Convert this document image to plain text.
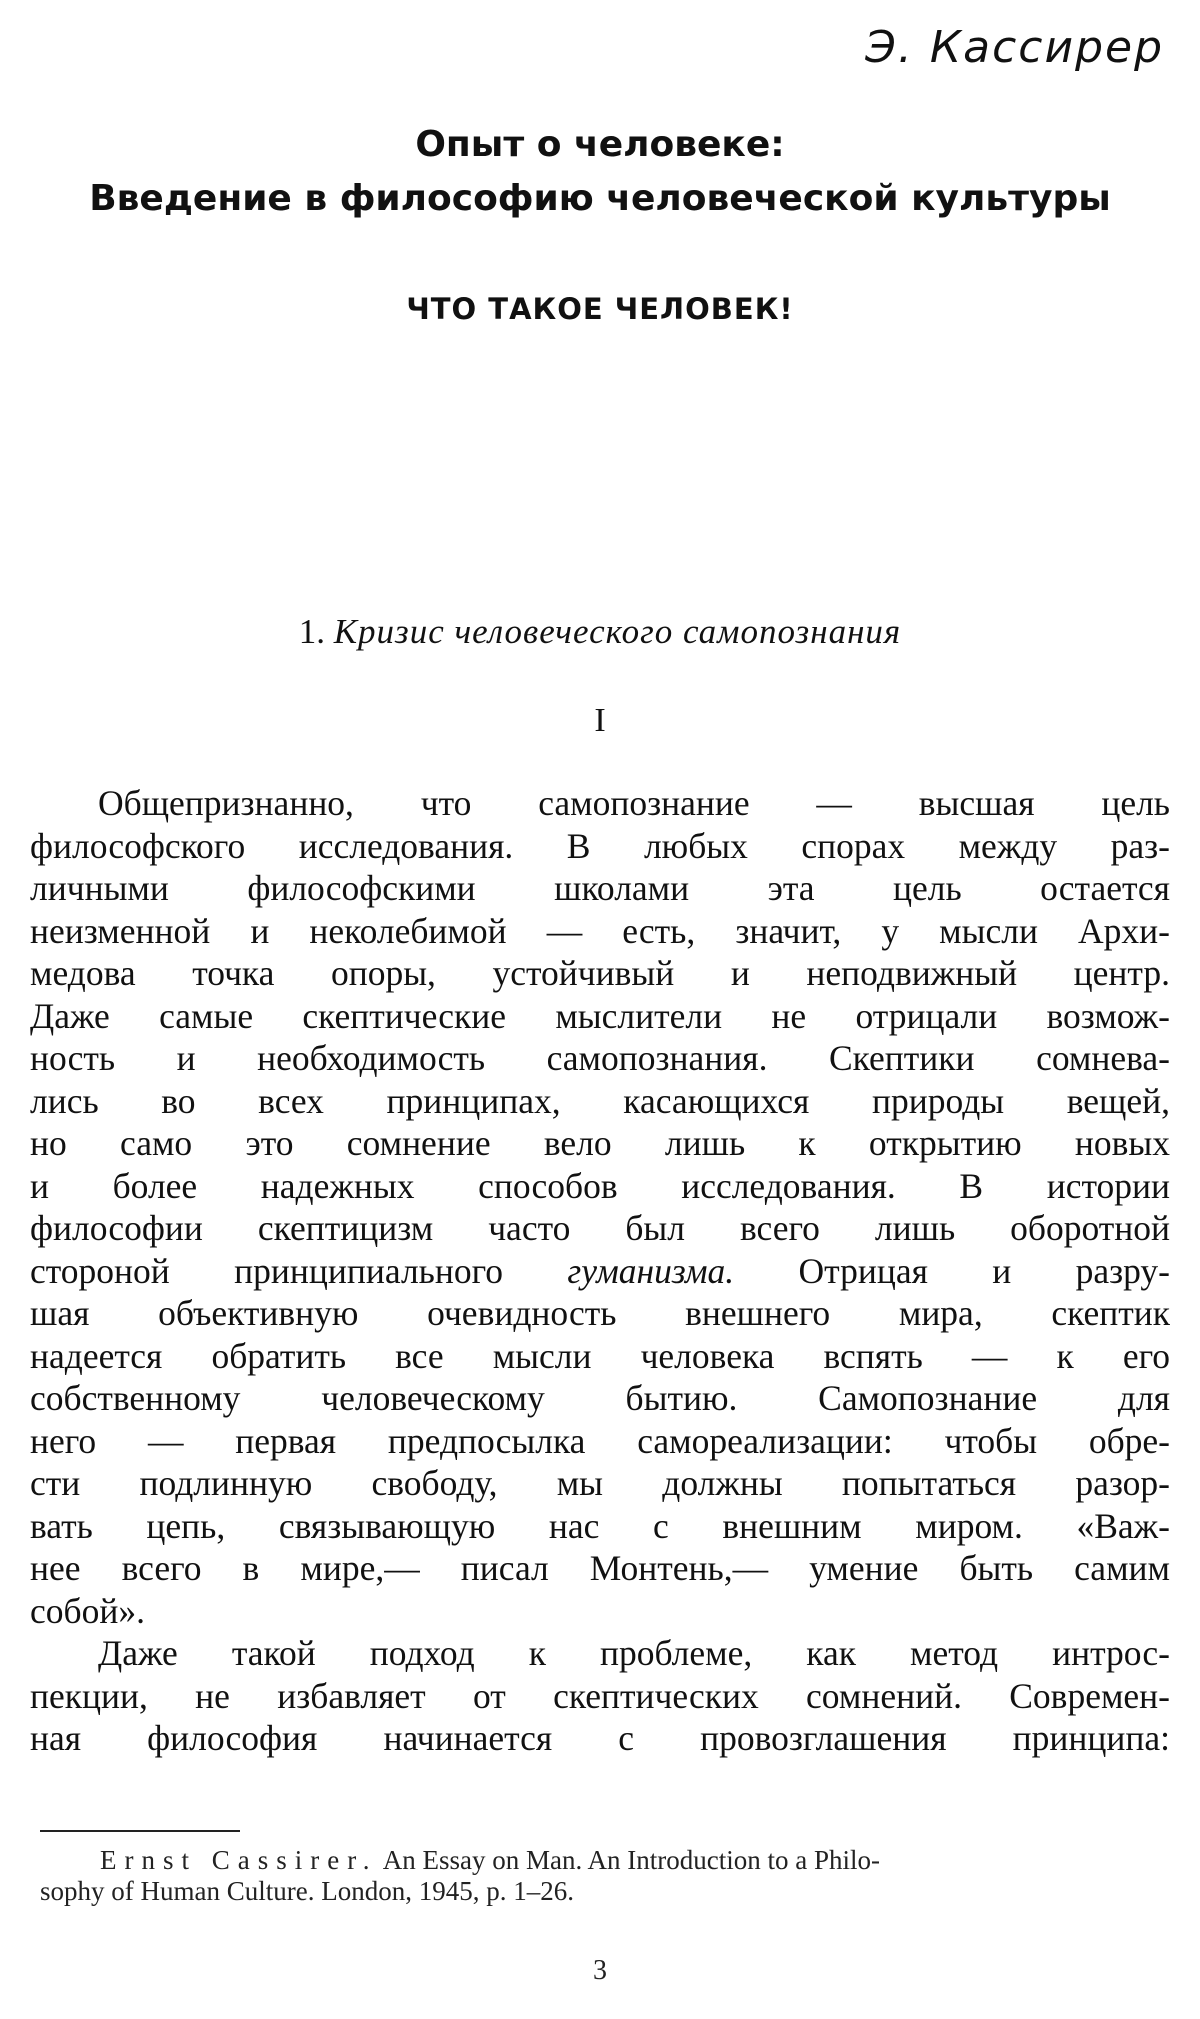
Э. Кассирер
Опыт о человеке:
Введение в философию человеческой культуры
ЧТО ТАКОЕ ЧЕЛОВЕК!
1. Кризис человеческого самопознания
I
Общепризнанно, что самопознание — высшая цель
философского исследования. В любых спорах между раз-
личными философскими школами эта цель остается
неизменной и неколебимой — есть, значит, у мысли Архи-
медова точка опоры, устойчивый и неподвижный центр.
Даже самые скептические мыслители не отрицали возмож-
ность и необходимость самопознания. Скептики сомнева-
лись во всех принципах, касающихся природы вещей,
но само это сомнение вело лишь к открытию новых
и более надежных способов исследования. В истории
философии скептицизм часто был всего лишь оборотной
стороной принципиального гуманизма. Отрицая и разру-
шая объективную очевидность внешнего мира, скептик
надеется обратить все мысли человека вспять — к его
собственному человеческому бытию. Самопознание для
него — первая предпосылка самореализации: чтобы обре-
сти подлинную свободу, мы должны попытаться разор-
вать цепь, связывающую нас с внешним миром. «Важ-
нее всего в мире,— писал Монтень,— умение быть самим
собой».
Даже такой подход к проблеме, как метод интрос-
пекции, не избавляет от скептических сомнений. Современ-
ная философия начинается с провозглашения принципа:
Ernst Cassirer. An Essay on Man. An Introduction to a Philo-
sophy of Human Culture. London, 1945, p. 1–26.
3
